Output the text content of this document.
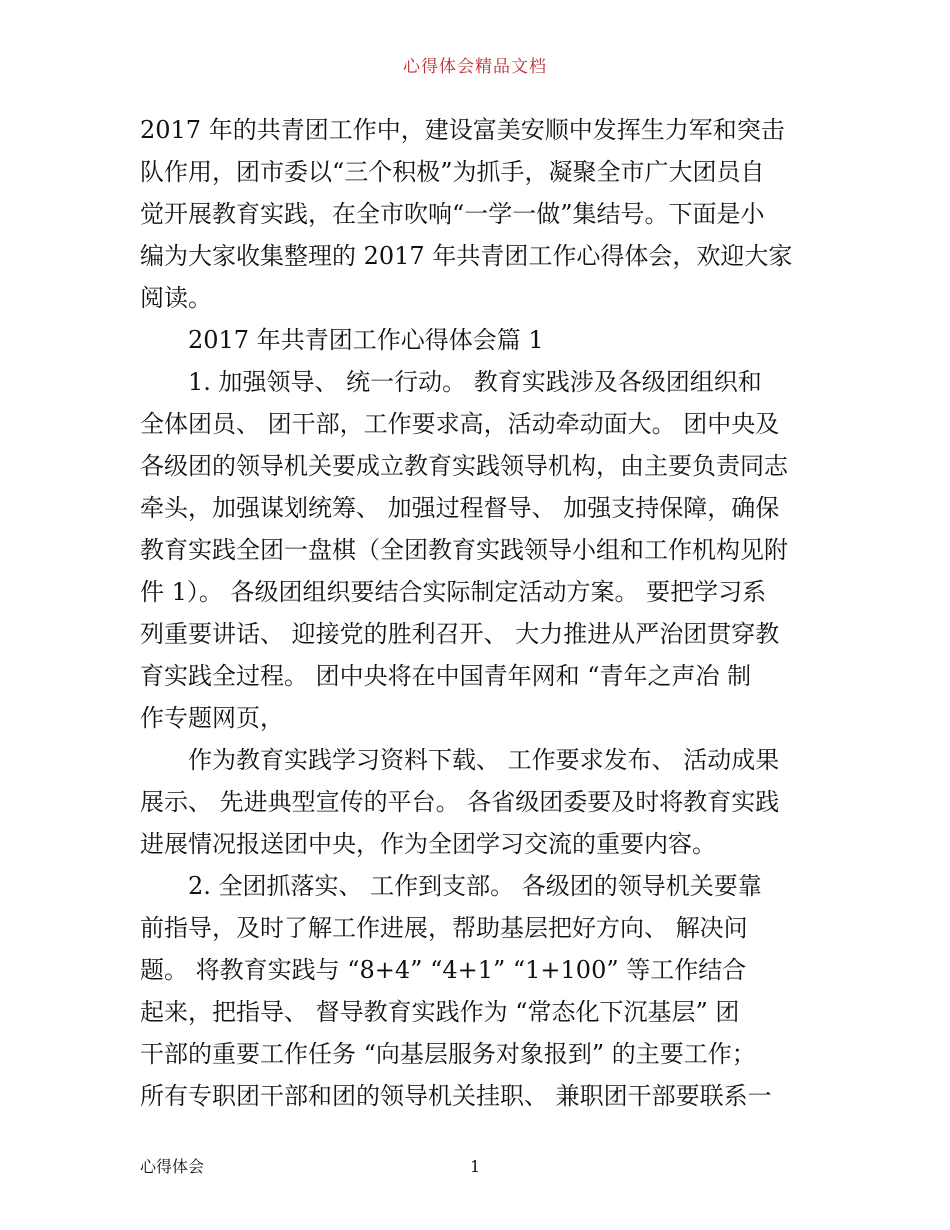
心得体会精品文档
2017 年的共青团工作中，建设富美安顺中发挥生力军和突击
队作用，团市委以“三个积极”为抓手，凝聚全市广大团员自
觉开展教育实践，在全市吹响“一学一做”集结号。下面是小
编为大家收集整理的 2017 年共青团工作心得体会，欢迎大家
阅读。
2017 年共青团工作心得体会篇 1
1. 加强领导、 统一行动。 教育实践涉及各级团组织和
全体团员、 团干部，工作要求高，活动牵动面大。 团中央及
各级团的领导机关要成立教育实践领导机构，由主要负责同志
牵头，加强谋划统筹、 加强过程督导、 加强支持保障，确保
教育实践全团一盘棋（全团教育实践领导小组和工作机构见附
件 1）。 各级团组织要结合实际制定活动方案。 要把学习系
列重要讲话、 迎接党的胜利召开、 大力推进从严治团贯穿教
育实践全过程。 团中央将在中国青年网和 “青年之声冶 制
作专题网页，
作为教育实践学习资料下载、 工作要求发布、 活动成果
展示、 先进典型宣传的平台。 各省级团委要及时将教育实践
进展情况报送团中央，作为全团学习交流的重要内容。
2. 全团抓落实、 工作到支部。 各级团的领导机关要靠
前指导，及时了解工作进展，帮助基层把好方向、 解决问
题。 将教育实践与 “8+4” “4+1” “1+100” 等工作结合
起来，把指导、 督导教育实践作为 “常态化下沉基层” 团
干部的重要工作任务 “向基层服务对象报到” 的主要工作；
所有专职团干部和团的领导机关挂职、 兼职团干部要联系一
心得体会	1
